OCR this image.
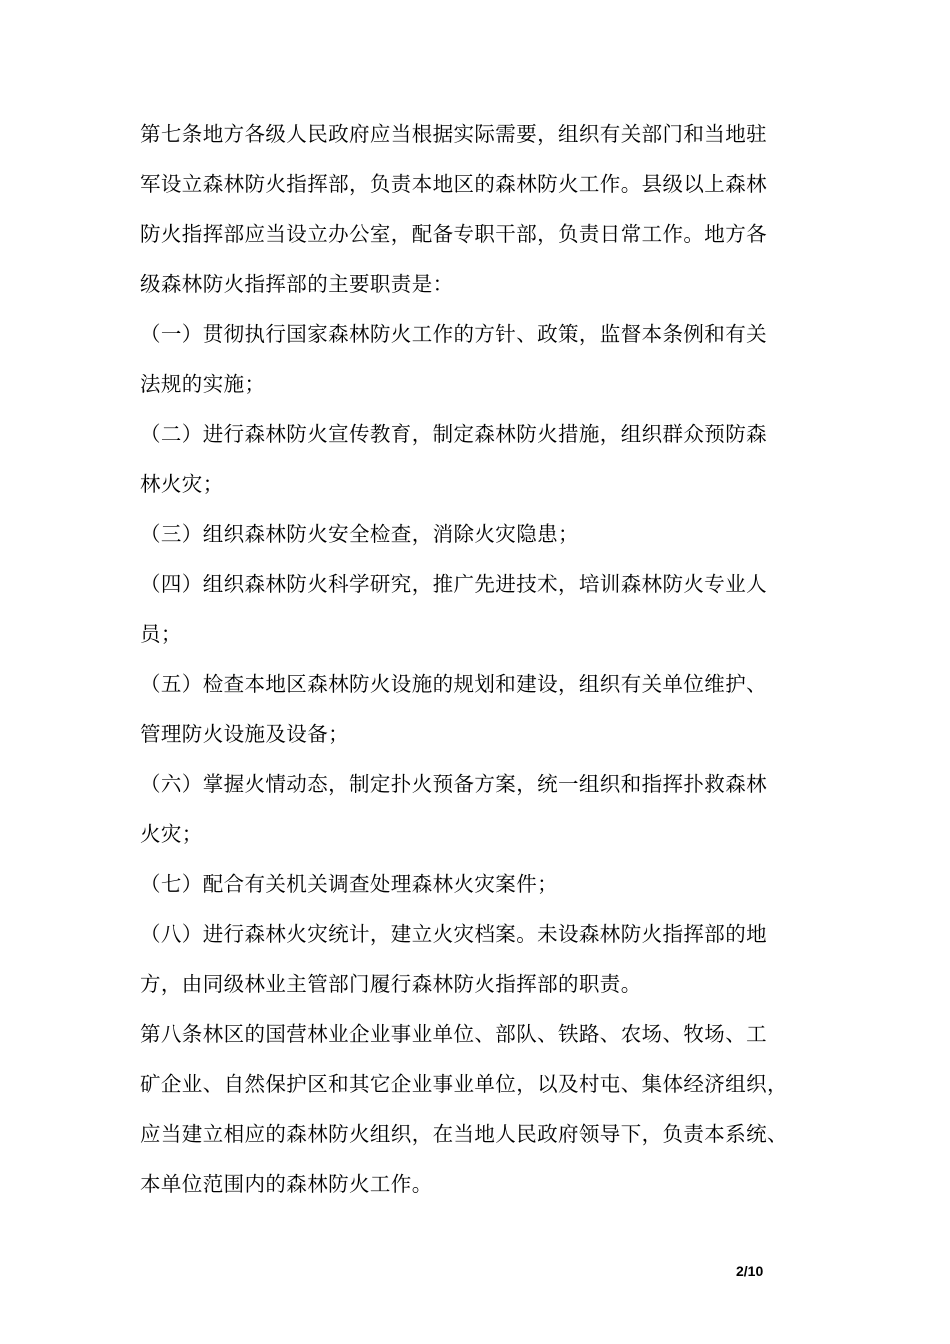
第七条地方各级人民政府应当根据实际需要，组织有关部门和当地驻
军设立森林防火指挥部，负责本地区的森林防火工作。县级以上森林
防火指挥部应当设立办公室，配备专职干部，负责日常工作。地方各
级森林防火指挥部的主要职责是：
（一）贯彻执行国家森林防火工作的方针、政策，监督本条例和有关
法规的实施；
（二）进行森林防火宣传教育，制定森林防火措施，组织群众预防森
林火灾；
（三）组织森林防火安全检查，消除火灾隐患；
（四）组织森林防火科学研究，推广先进技术，培训森林防火专业人
员；
（五）检查本地区森林防火设施的规划和建设，组织有关单位维护、
管理防火设施及设备；
（六）掌握火情动态，制定扑火预备方案，统一组织和指挥扑救森林
火灾；
（七）配合有关机关调查处理森林火灾案件；
（八）进行森林火灾统计，建立火灾档案。未设森林防火指挥部的地
方，由同级林业主管部门履行森林防火指挥部的职责。
第八条林区的国营林业企业事业单位、部队、铁路、农场、牧场、工
矿企业、自然保护区和其它企业事业单位，以及村屯、集体经济组织，
应当建立相应的森林防火组织，在当地人民政府领导下，负责本系统、
本单位范围内的森林防火工作。
2/10
